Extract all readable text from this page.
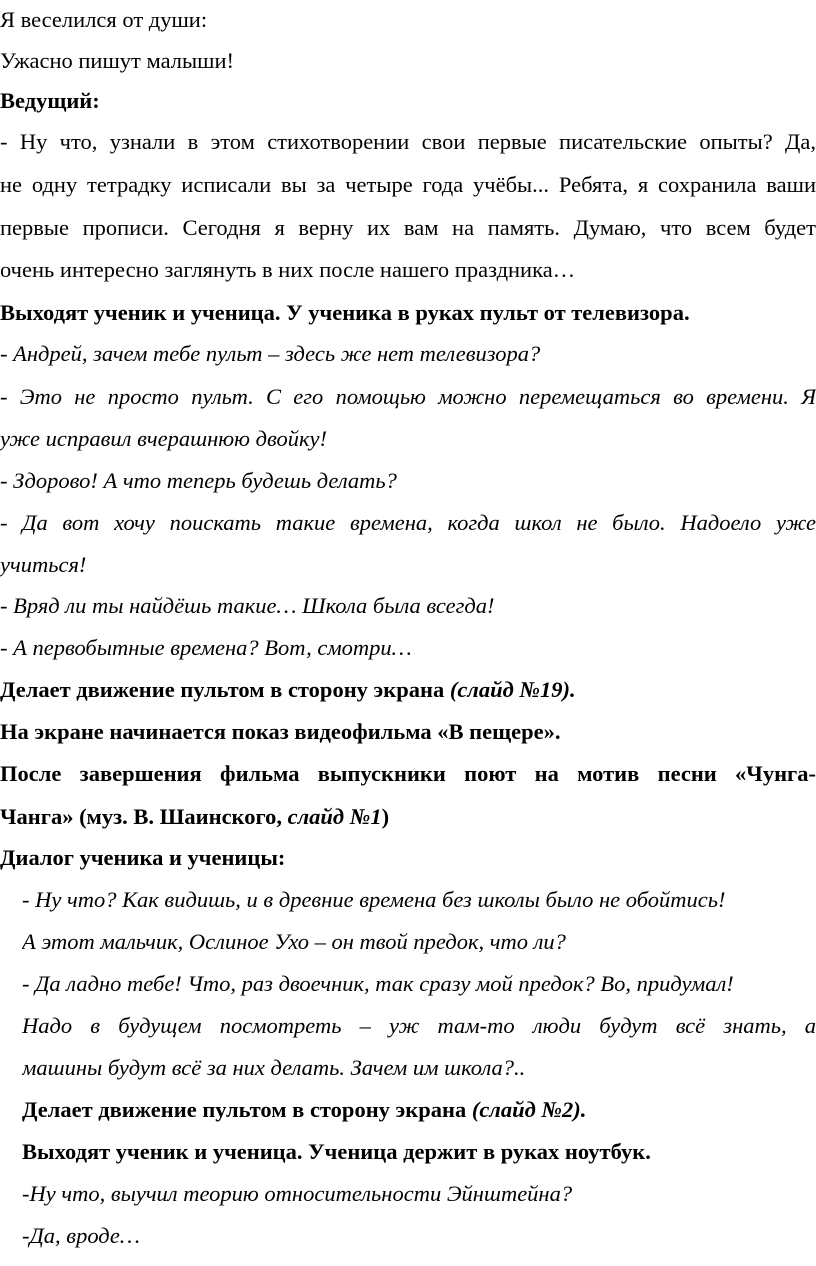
Я веселился от души:
Ужасно пишут малыши!
Ведущий:
- Ну что, узнали в этом стихотворении свои первые писательские опыты? Да,
не одну тетрадку исписали вы за четыре года учёбы... Ребята, я сохранила ваши
первые прописи. Сегодня я верну их вам на память. Думаю, что всем будет
очень интересно заглянуть в них после нашего праздника…
Выходят ученик и ученица. У ученика в руках пульт от телевизора.
- Андрей, зачем тебе пульт – здесь же нет телевизора?
- Это не просто пульт. С его помощью можно перемещаться во времени. Я
уже исправил вчерашнюю двойку!
- Здорово! А что теперь будешь делать?
- Да вот хочу поискать такие времена, когда школ не было. Надоело уже
учиться!
- Вряд ли ты найдёшь такие… Школа была всегда!
- А первобытные времена? Вот, смотри…
Делает движение пультом в сторону экрана (слайд №19).
На экране начинается показ видеофильма «В пещере».
После завершения фильма выпускники поют на мотив песни «Чунга-
Чанга» (муз. В. Шаинского, слайд №1)
Диалог ученика и ученицы:
- Ну что? Как видишь, и в древние времена без школы было не обойтись!
А этот мальчик, Ослиное Ухо – он твой предок, что ли?
- Да ладно тебе! Что, раз двоечник, так сразу мой предок? Во, придумал!
Надо в будущем посмотреть – уж там-то люди будут всё знать, а
машины будут всё за них делать. Зачем им школа?..
Делает движение пультом в сторону экрана (слайд №2).
Выходят ученик и ученица. Ученица держит в руках ноутбук.
-Ну что, выучил теорию относительности Эйнштейна?
-Да, вроде…
